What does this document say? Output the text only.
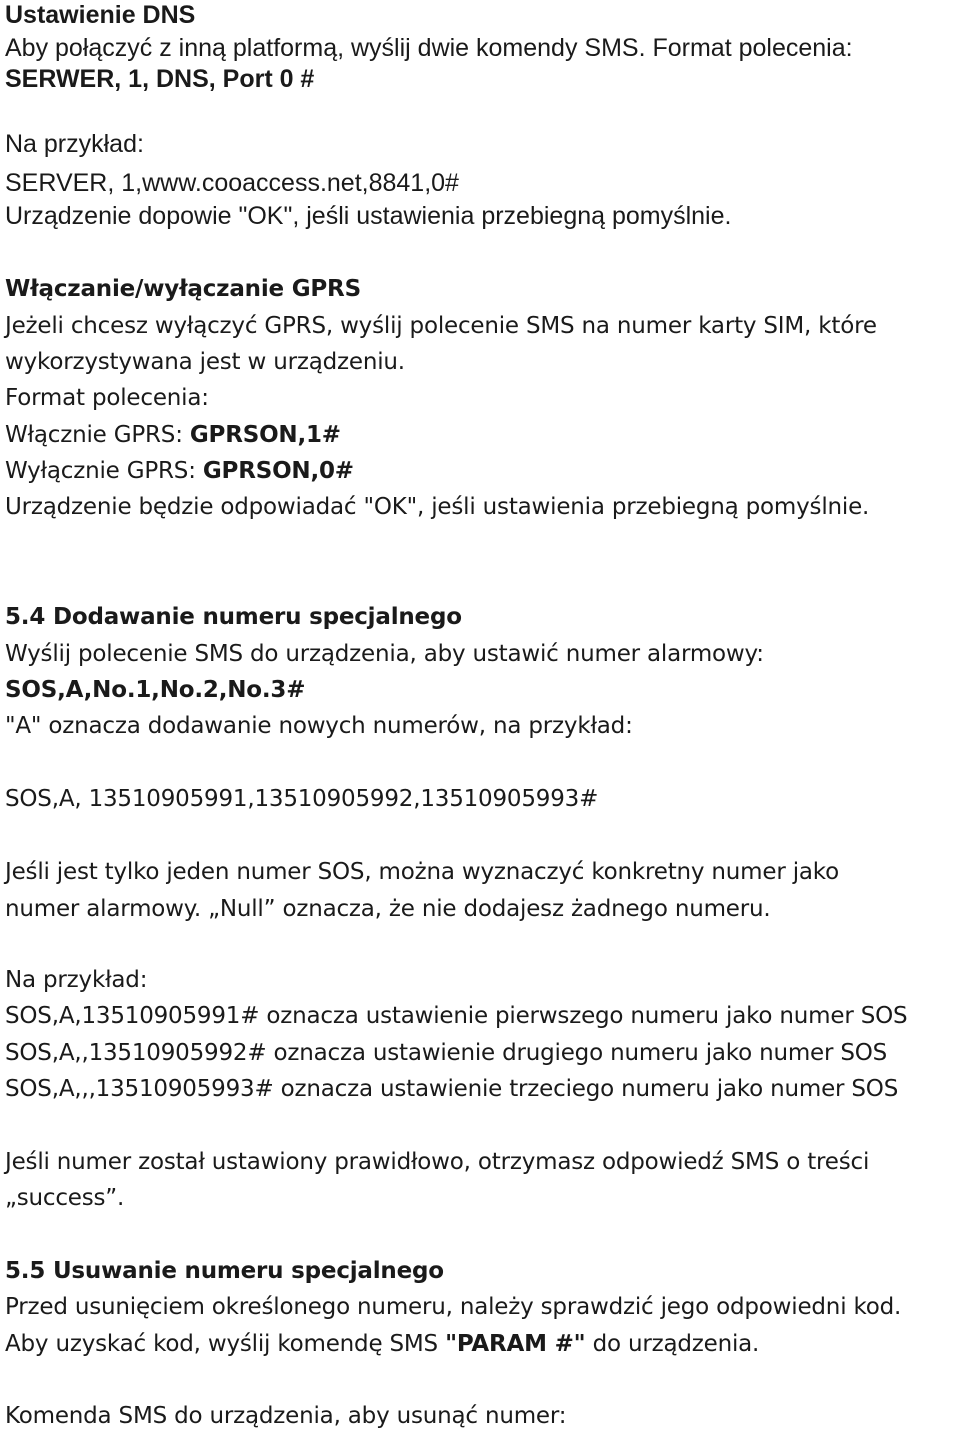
Ustawienie DNS
Aby połączyć z inną platformą, wyślij dwie komendy SMS. Format polecenia:
SERWER, 1, DNS, Port 0 #
Na przykład:
SERVER, 1,www.cooaccess.net,8841,0#
Urządzenie dopowie "OK", jeśli ustawienia przebiegną pomyślnie.
Włączanie/wyłączanie GPRS
Jeżeli chcesz wyłączyć GPRS, wyślij polecenie SMS na numer karty SIM, które
wykorzystywana jest w urządzeniu.
Format polecenia:
Włącznie GPRS: GPRSON,1#
Wyłącznie GPRS: GPRSON,0#
Urządzenie będzie odpowiadać "OK", jeśli ustawienia przebiegną pomyślnie.
5.4 Dodawanie numeru specjalnego
Wyślij polecenie SMS do urządzenia, aby ustawić numer alarmowy:
SOS,A,No.1,No.2,No.3#
"A" oznacza dodawanie nowych numerów, na przykład:
SOS,A, 13510905991,13510905992,13510905993#
Jeśli jest tylko jeden numer SOS, można wyznaczyć konkretny numer jako
numer alarmowy. „Null” oznacza, że nie dodajesz żadnego numeru.
Na przykład:
SOS,A,13510905991# oznacza ustawienie pierwszego numeru jako numer SOS
SOS,A,,13510905992# oznacza ustawienie drugiego numeru jako numer SOS
SOS,A,,,13510905993# oznacza ustawienie trzeciego numeru jako numer SOS
Jeśli numer został ustawiony prawidłowo, otrzymasz odpowiedź SMS o treści
„success”.
5.5 Usuwanie numeru specjalnego
Przed usunięciem określonego numeru, należy sprawdzić jego odpowiedni kod.
Aby uzyskać kod, wyślij komendę SMS "PARAM #" do urządzenia.
Komenda SMS do urządzenia, aby usunąć numer:
